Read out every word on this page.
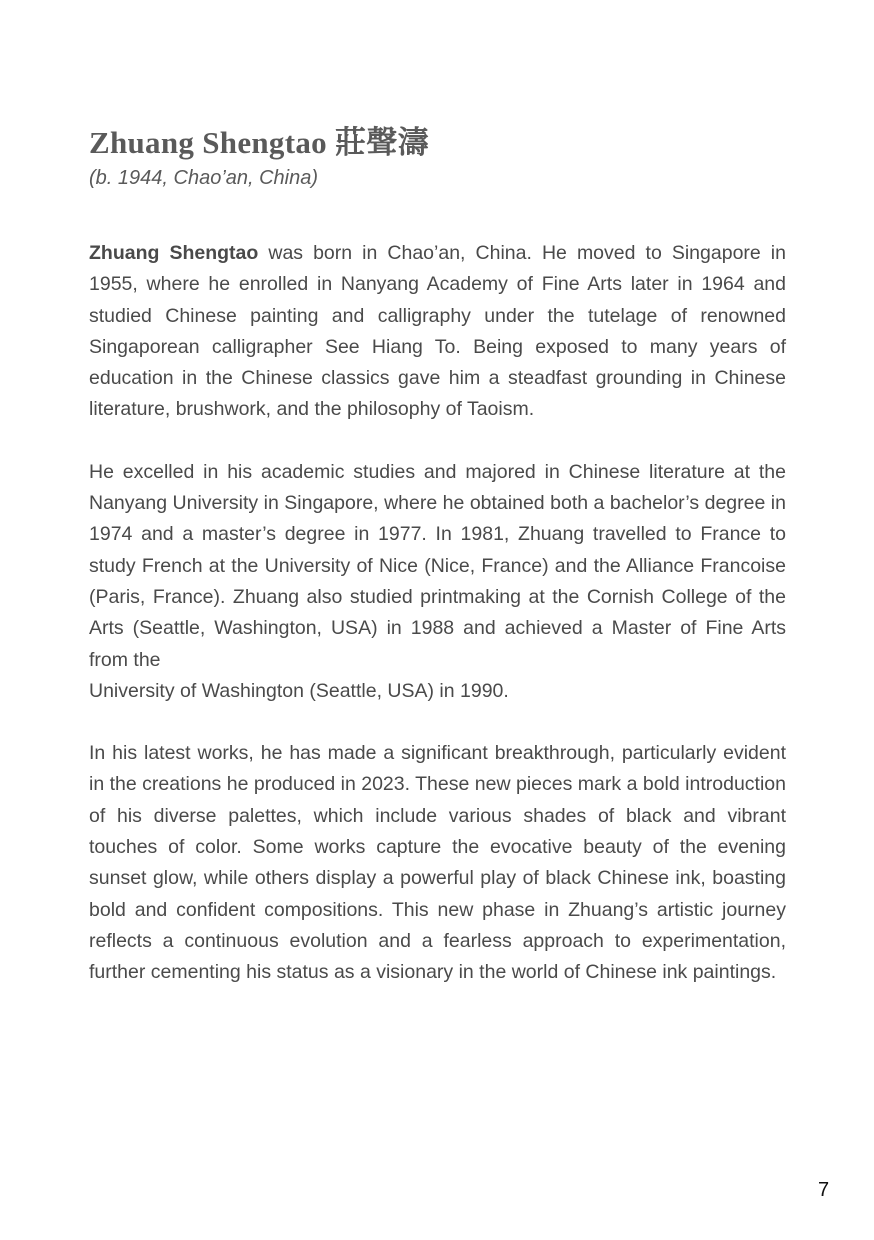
Zhuang Shengtao 莊聲濤

(b. 1944, Chao’an, China)

Zhuang Shengtao was born in Chao’an, China. He moved to Singapore in 1955, where he enrolled in Nanyang Academy of Fine Arts later in 1964 and studied Chinese painting and calligraphy under the tutelage of renowned Singaporean calligrapher See Hiang To. Being exposed to many years of education in the Chinese classics gave him a steadfast grounding in Chinese literature, brushwork, and the philosophy of Taoism.

He excelled in his academic studies and majored in Chinese literature at the Nanyang University in Singapore, where he obtained both a bachelor’s degree in 1974 and a master’s degree in 1977. In 1981, Zhuang travelled to France to study French at the University of Nice (Nice, France) and the Alliance Francoise (Paris, France). Zhuang also studied printmaking at the Cornish College of the Arts (Seattle, Washington, USA) in 1988 and achieved a Master of Fine Arts from the
University of Washington (Seattle, USA) in 1990.

In his latest works, he has made a significant breakthrough, particularly evident in the creations he produced in 2023. These new pieces mark a bold introduction of his diverse palettes, which include various shades of black and vibrant touches of color. Some works capture the evocative beauty of the evening sunset glow, while others display a powerful play of black Chinese ink, boasting bold and confident compositions. This new phase in Zhuang’s artistic journey reflects a continuous evolution and a fearless approach to experimentation, further cementing his status as a visionary in the world of Chinese ink paintings.

7
